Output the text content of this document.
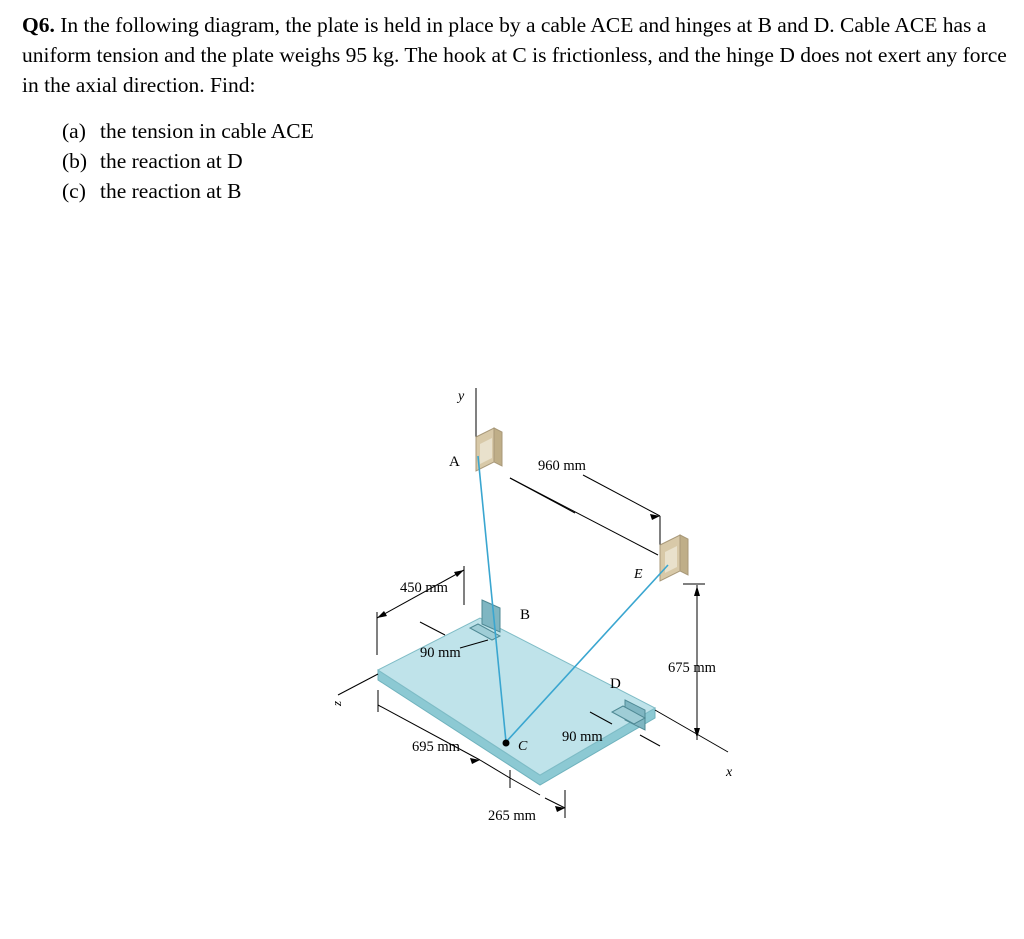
Q6. In the following diagram, the plate is held in place by a cable ACE and hinges at B and D. Cable ACE has a uniform tension and the plate weighs 95 kg. The hook at C is frictionless, and the hinge D does not exert any force in the axial direction. Find:
(a) the tension in cable ACE
(b) the reaction at D
(c) the reaction at B
y
A	960 mm
E
450 mm
B
90 mm
675 mm
D
z
90 mm
695 mm	C
x
265 mm
